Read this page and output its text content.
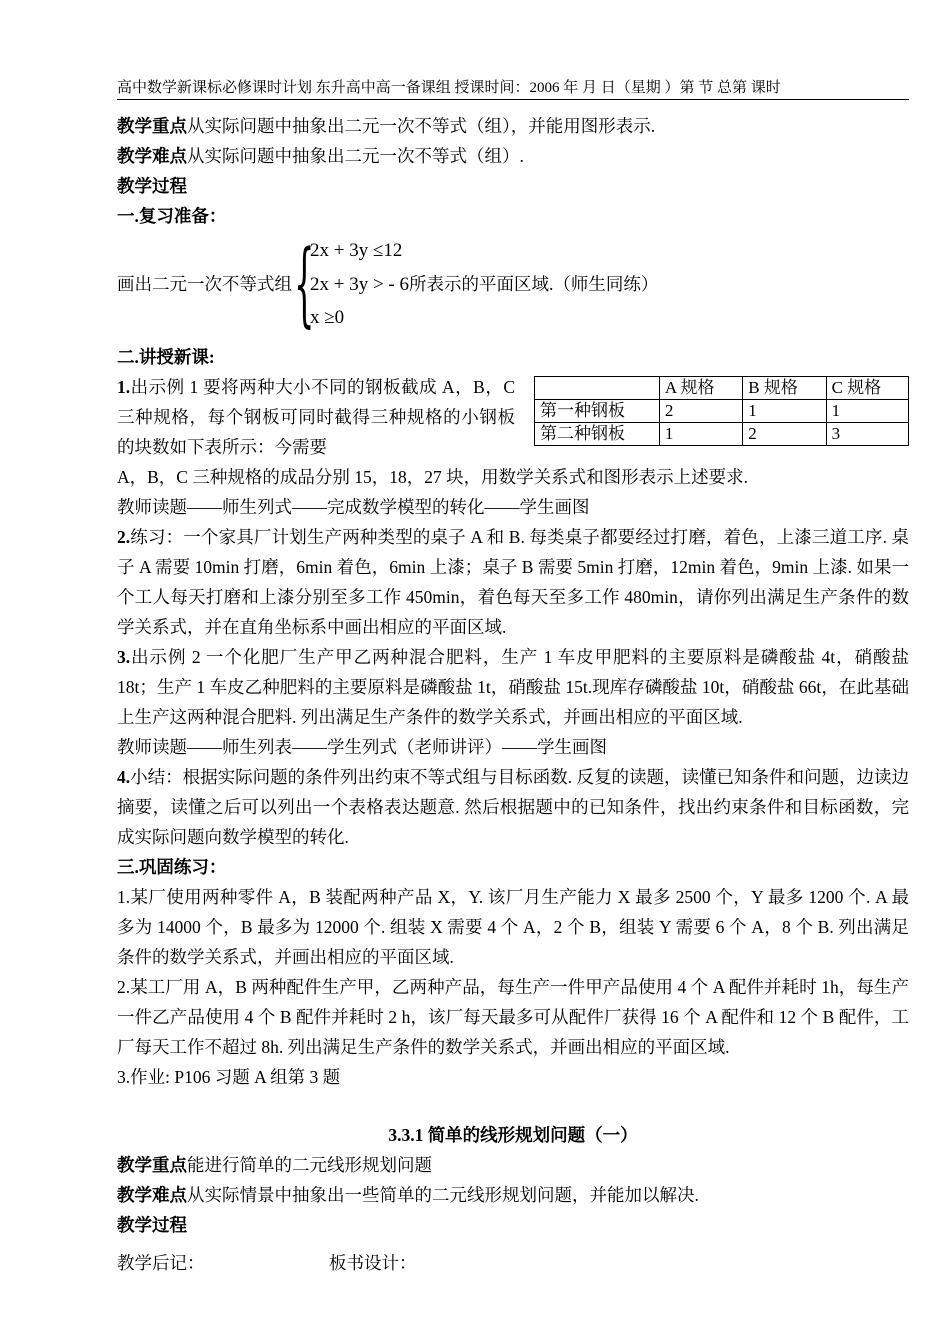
高中数学新课标必修课时计划 东升高中高一备课组 授课时间：2006 年 月 日（星期 ）第 节 总第 课时

教学重点从实际问题中抽象出二元一次不等式（组），并能用图形表示.

教学难点从实际问题中抽象出二元一次不等式（组）.

教学过程

一.复习准备：

画出二元一次不等式组 {
2x + 3y ≤12
2x + 3y > - 6所表示的平面区域.（师生同练）
x ≥0

二.讲授新课:

1.出示例 1 要将两种大小不同的钢板截成 A，B，C 三种规格，每个钢板可同时截得三种规格的小钢板的块数如下表所示：今需要

	A 规格	B 规格	C 规格
第一种钢板	2	1	1
第二种钢板	1	2	3

A，B，C 三种规格的成品分别 15，18，27 块，用数学关系式和图形表示上述要求.

教师读题——师生列式——完成数学模型的转化——学生画图

2.练习：一个家具厂计划生产两种类型的桌子 A 和 B. 每类桌子都要经过打磨，着色，上漆三道工序. 桌子 A 需要 10min 打磨，6min 着色，6min 上漆；桌子 B 需要 5min 打磨，12min 着色，9min 上漆. 如果一个工人每天打磨和上漆分别至多工作 450min，着色每天至多工作 480min，请你列出满足生产条件的数学关系式，并在直角坐标系中画出相应的平面区域.

3.出示例 2 一个化肥厂生产甲乙两种混合肥料，生产 1 车皮甲肥料的主要原料是磷酸盐 4t，硝酸盐 18t；生产 1 车皮乙种肥料的主要原料是磷酸盐 1t，硝酸盐 15t.现库存磷酸盐 10t，硝酸盐 66t，在此基础上生产这两种混合肥料. 列出满足生产条件的数学关系式，并画出相应的平面区域.

教师读题——师生列表——学生列式（老师讲评）——学生画图

4.小结：根据实际问题的条件列出约束不等式组与目标函数. 反复的读题，读懂已知条件和问题，边读边摘要，读懂之后可以列出一个表格表达题意. 然后根据题中的已知条件，找出约束条件和目标函数，完成实际问题向数学模型的转化.

三.巩固练习：

1.某厂使用两种零件 A，B 装配两种产品 X，Y. 该厂月生产能力 X 最多 2500 个，Y 最多 1200 个. A 最多为 14000 个，B 最多为 12000 个. 组装 X 需要 4 个 A，2 个 B，组装 Y 需要 6 个 A，8 个 B. 列出满足条件的数学关系式，并画出相应的平面区域.

2.某工厂用 A，B 两种配件生产甲，乙两种产品，每生产一件甲产品使用 4 个 A 配件并耗时 1h，每生产一件乙产品使用 4 个 B 配件并耗时 2 h，该厂每天最多可从配件厂获得 16 个 A 配件和 12 个 B 配件，工厂每天工作不超过 8h. 列出满足生产条件的数学关系式，并画出相应的平面区域.

3.作业: P106 习题 A 组第 3 题

3.3.1 简单的线形规划问题（一）

教学重点能进行简单的二元线形规划问题

教学难点从实际情景中抽象出一些简单的二元线形规划问题，并能加以解决.

教学过程

教学后记：	板书设计：
